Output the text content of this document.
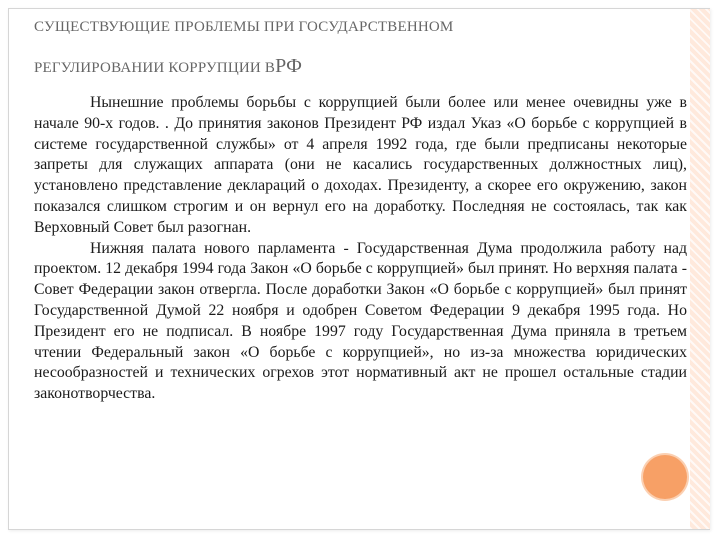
СУЩЕСТВУЮЩИЕ ПРОБЛЕМЫ ПРИ ГОСУДАРСТВЕННОМ
РЕГУЛИРОВАНИИ КОРРУПЦИИ ВРФ

Нынешние проблемы борьбы с коррупцией были более или менее очевидны уже в начале 90-х годов. . До принятия законов Президент РФ издал Указ «О борьбе с коррупцией в системе государственной службы» от 4 апреля 1992 года, где были предписаны некоторые запреты для служащих аппарата (они не касались государственных должностных лиц), установлено представление деклараций о доходах. Президенту, а скорее его окружению, закон показался слишком строгим и он вернул его на доработку. Последняя не состоялась, так как Верховный Совет был разогнан.

Нижняя палата нового парламента - Государственная Дума продолжила работу над проектом. 12 декабря 1994 года Закон «О борьбе с коррупцией» был принят. Но верхняя палата - Совет Федерации закон отвергла. После доработки Закон «О борьбе с коррупцией» был принят Государственной Думой 22 ноября и одобрен Советом Федерации 9 декабря 1995 года. Но Президент его не подписал. В ноябре 1997 году Государственная Дума приняла в третьем чтении Федеральный закон «О борьбе с коррупцией», но из-за множества юридических несообразностей и технических огрехов этот нормативный акт не прошел остальные стадии законотворчества.
